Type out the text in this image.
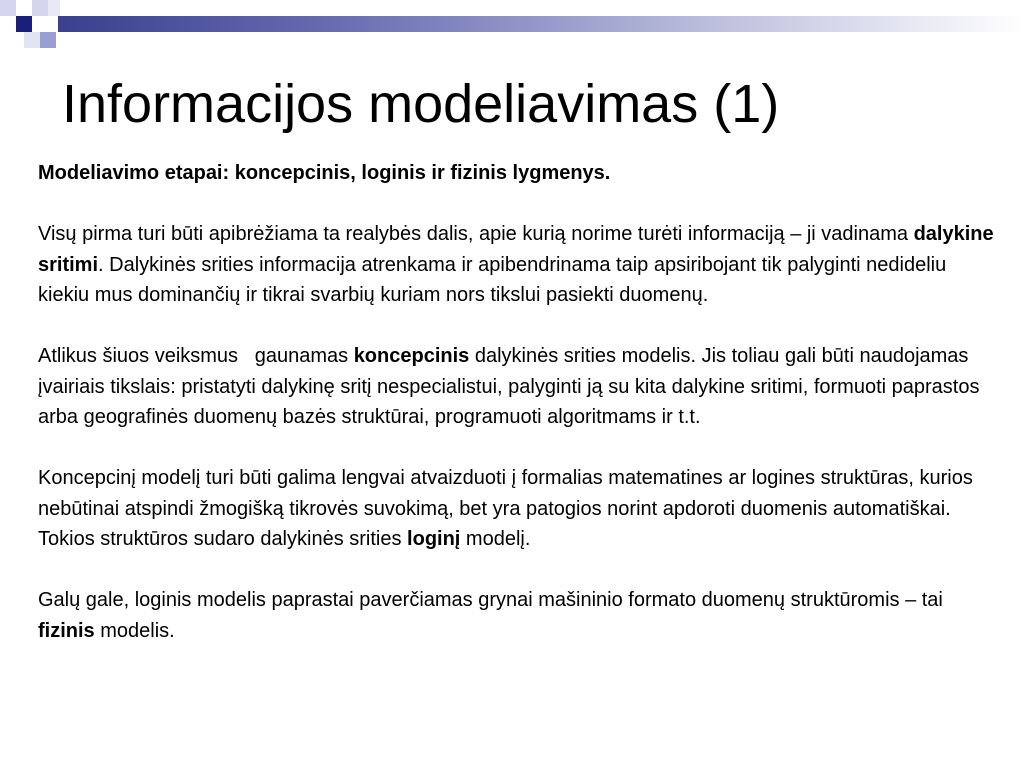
Informacijos modeliavimas (1)

Modeliavimo etapai: koncepcinis, loginis ir fizinis lygmenys.

Visų pirma turi būti apibrėžiama ta realybės dalis, apie kurią norime turėti informaciją – ji vadinama dalykine sritimi. Dalykinės srities informacija atrenkama ir apibendrinama taip apsiribojant tik palyginti nedideliu kiekiu mus dominančių ir tikrai svarbių kuriam nors tikslui pasiekti duomenų.

Atlikus šiuos veiksmus   gaunamas koncepcinis dalykinės srities modelis. Jis toliau gali būti naudojamas įvairiais tikslais: pristatyti dalykinę sritį nespecialistui, palyginti ją su kita dalykine sritimi, formuoti paprastos arba geografinės duomenų bazės struktūrai, programuoti algoritmams ir t.t.

Koncepcinį modelį turi būti galima lengvai atvaizduoti į formalias matematines ar logines struktūras, kurios nebūtinai atspindi žmogišką tikrovės suvokimą, bet yra patogios norint apdoroti duomenis automatiškai. Tokios struktūros sudaro dalykinės srities loginį modelį.

Galų gale, loginis modelis paprastai paverčiamas grynai mašininio formato duomenų struktūromis – tai fizinis modelis.
